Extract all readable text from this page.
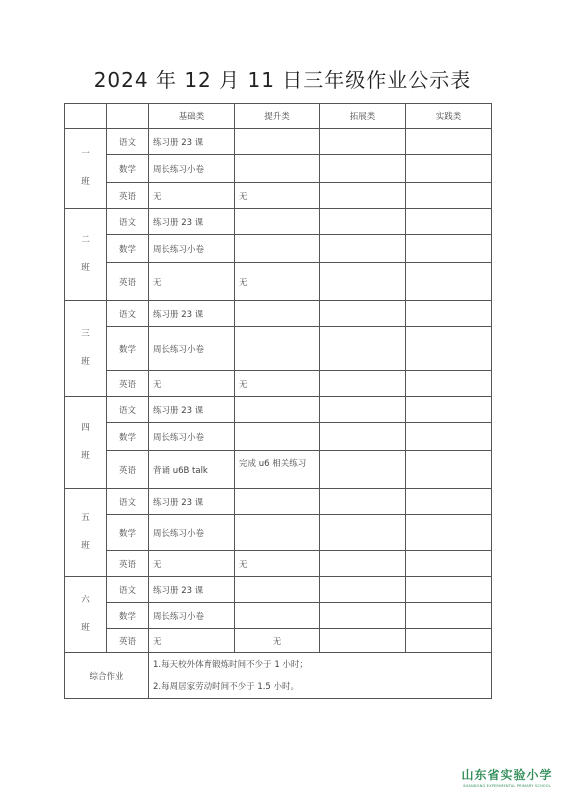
2024 年 12 月 11 日三年级作业公示表
		基础类	提升类	拓展类	实践类

一
班	语文	练习册 23 课			
	数学	周长练习小卷			
	英语	无	无		

二
班	语文	练习册 23 课			
	数学	周长练习小卷			
	英语	无	无		

三
班	语文	练习册 23 课			
	数学	周长练习小卷			
	英语	无	无		

四
班	语文	练习册 23 课			
	数学	周长练习小卷			
	英语	背诵 u6B talk	完成 u6 相关练习		

五
班	语文	练习册 23 课			
	数学	周长练习小卷			
	英语	无	无		

六
班	语文	练习册 23 课			
	数学	周长练习小卷			
	英语	无	无		
综合作业		1.每天校外体育锻炼时间不少于 1 小时；
2.每周居家劳动时间不少于 1.5 小时。			
山东省实验小学
SHANDONG EXPERIMENTAL PRIMARY SCHOOL
